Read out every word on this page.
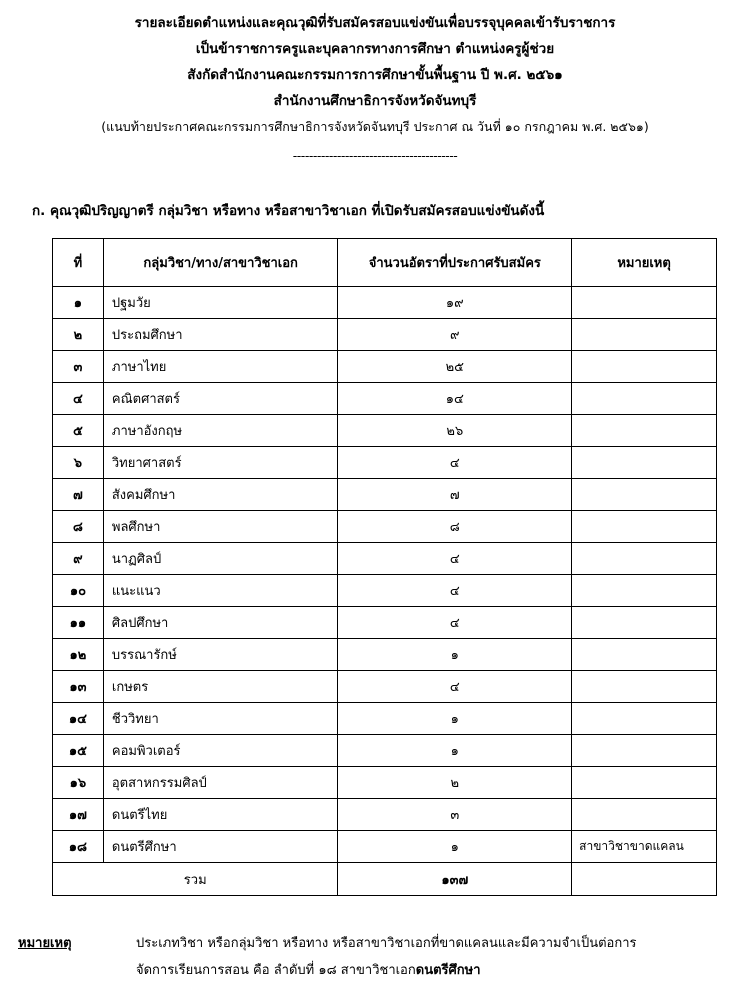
รายละเอียดตำแหน่งและคุณวุฒิที่รับสมัครสอบแข่งขันเพื่อบรรจุบุคคลเข้ารับราชการ
เป็นข้าราชการครูและบุคลากรทางการศึกษา ตำแหน่งครูผู้ช่วย
สังกัดสำนักงานคณะกรรมการการศึกษาขั้นพื้นฐาน ปี พ.ศ. ๒๕๖๑
สำนักงานศึกษาธิการจังหวัดจันทบุรี
(แนบท้ายประกาศคณะกรรมการศึกษาธิการจังหวัดจันทบุรี ประกาศ ณ วันที่ ๑๐ กรกฎาคม พ.ศ. ๒๕๖๑)
-----------------------------------------
ก. คุณวุฒิปริญญาตรี กลุ่มวิชา หรือทาง หรือสาขาวิชาเอก ที่เปิดรับสมัครสอบแข่งขันดังนี้
ที่	กลุ่มวิชา/ทาง/สาขาวิชาเอก	จำนวนอัตราที่ประกาศรับสมัคร	หมายเหตุ
๑	ปฐมวัย	๑๙	
๒	ประถมศึกษา	๙	
๓	ภาษาไทย	๒๕	
๔	คณิตศาสตร์	๑๔	
๕	ภาษาอังกฤษ	๒๖	
๖	วิทยาศาสตร์	๔	
๗	สังคมศึกษา	๗	
๘	พลศึกษา	๘	
๙	นาฏศิลป์	๔	
๑๐	แนะแนว	๔	
๑๑	ศิลปศึกษา	๔	
๑๒	บรรณารักษ์	๑	
๑๓	เกษตร	๔	
๑๔	ชีววิทยา	๑	
๑๕	คอมพิวเตอร์	๑	
๑๖	อุตสาหกรรมศิลป์	๒	
๑๗	ดนตรีไทย	๓	
๑๘	ดนตรีศึกษา	๑	สาขาวิชาขาดแคลน
รวม		๑๓๗	
หมายเหตุ	ประเภทวิชา หรือกลุ่มวิชา หรือทาง หรือสาขาวิชาเอกที่ขาดแคลนและมีความจำเป็นต่อการ
จัดการเรียนการสอน คือ ลำดับที่ ๑๘ สาขาวิชาเอกดนตรีศึกษา
